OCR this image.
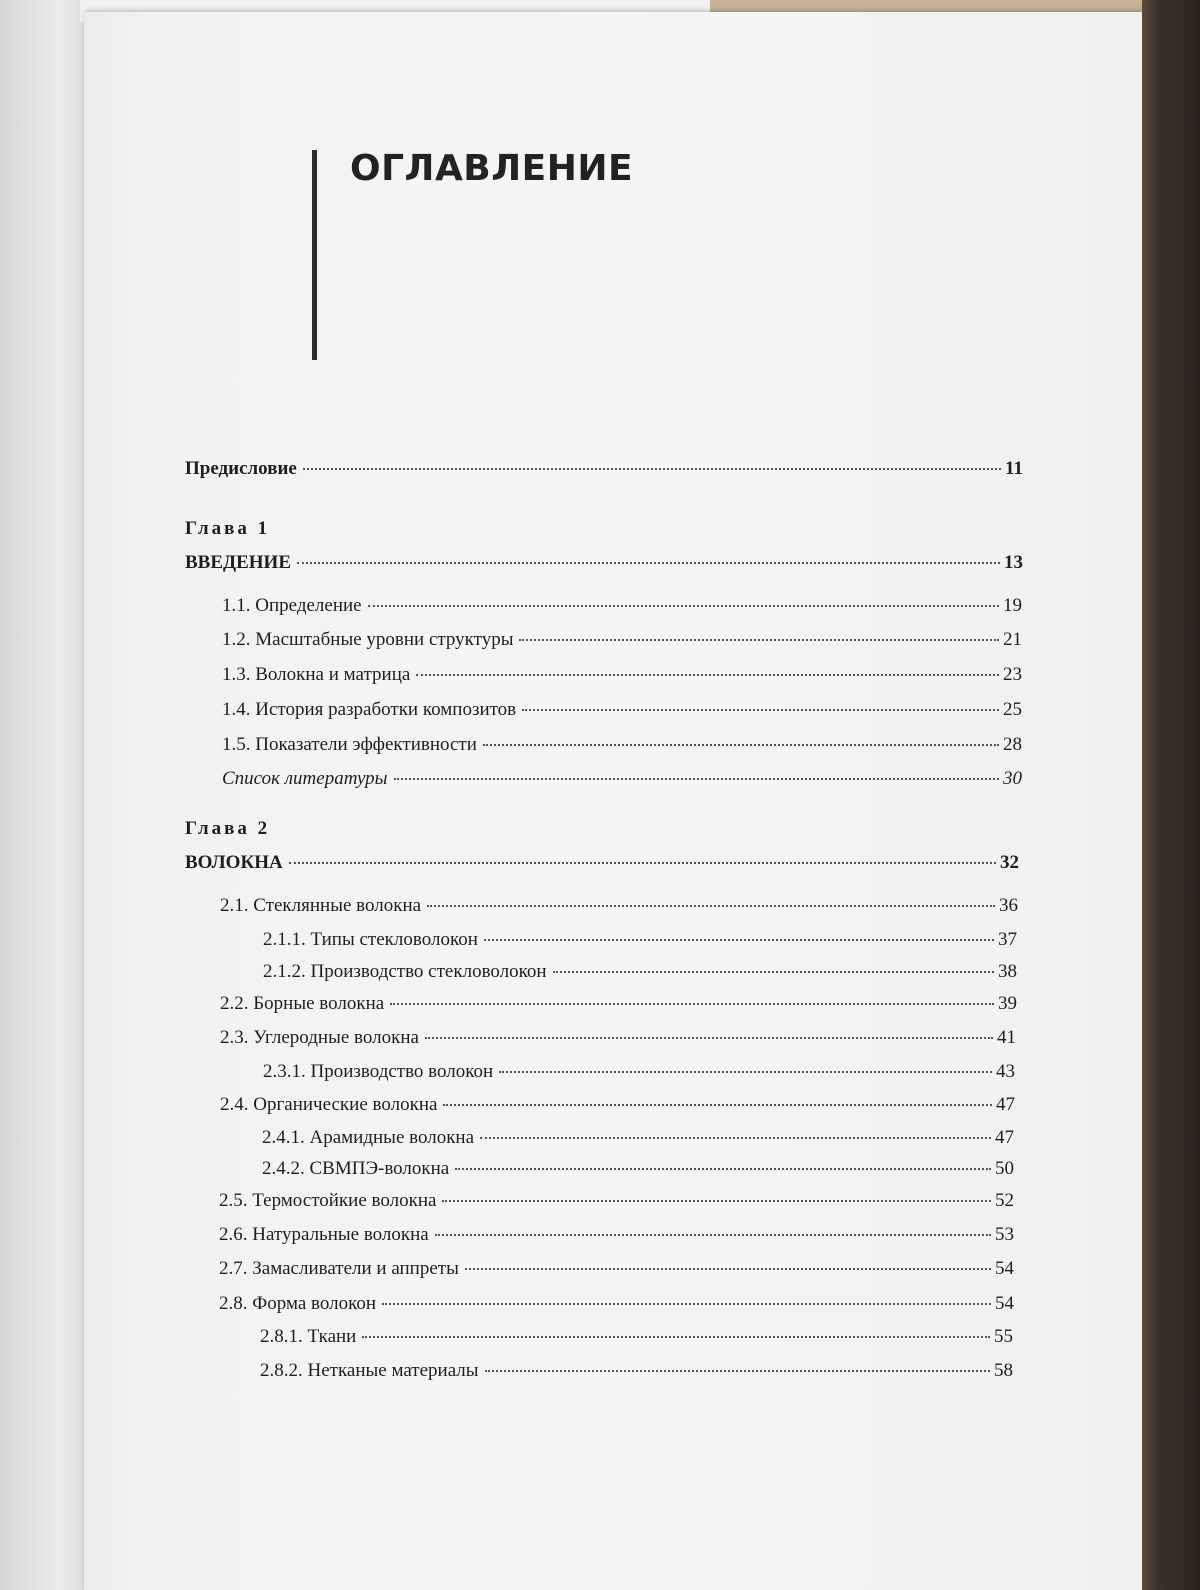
ОГЛАВЛЕНИЕ
Предисловие	11
Глава 1
ВВЕДЕНИЕ	13
1.1. Определение	19
1.2. Масштабные уровни структуры	21
1.3. Волокна и матрица	23
1.4. История разработки композитов	25
1.5. Показатели эффективности	28
Список литературы	30
Глава 2
ВОЛОКНА	32
2.1. Стеклянные волокна	36
2.1.1. Типы стекловолокон	37
2.1.2. Производство стекловолокон	38
2.2. Борные волокна	39
2.3. Углеродные волокна	41
2.3.1. Производство волокон	43
2.4. Органические волокна	47
2.4.1. Арамидные волокна	47
2.4.2. СВМПЭ-волокна	50
2.5. Термостойкие волокна	52
2.6. Натуральные волокна	53
2.7. Замасливатели и аппреты	54
2.8. Форма волокон	54
2.8.1. Ткани	55
2.8.2. Нетканые материалы	58
